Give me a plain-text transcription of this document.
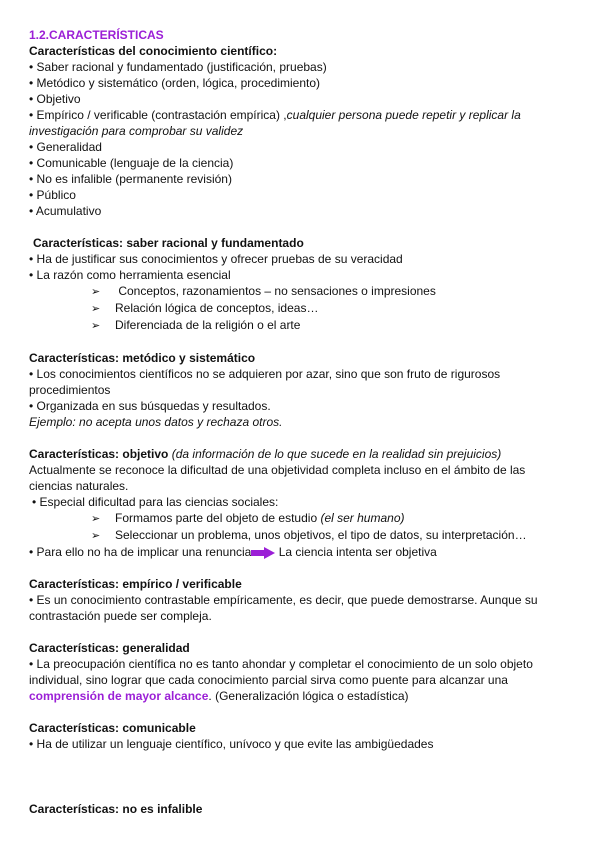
1.2.CARACTERÍSTICAS
Características del conocimiento científico:
• Saber racional y fundamentado (justificación, pruebas)
• Metódico y sistemático (orden, lógica, procedimiento)
• Objetivo
• Empírico / verificable (contrastación empírica) ,cualquier persona puede repetir y replicar la
investigación para comprobar su validez
• Generalidad
• Comunicable (lenguaje de la ciencia)
• No es infalible (permanente revisión)
• Público
• Acumulativo
Características: saber racional y fundamentado
• Ha de justificar sus conocimientos y ofrecer pruebas de su veracidad
• La razón como herramienta esencial
➢ Conceptos, razonamientos – no sensaciones o impresiones
➢ Relación lógica de conceptos, ideas…
➢ Diferenciada de la religión o el arte
Características: metódico y sistemático
• Los conocimientos científicos no se adquieren por azar, sino que son fruto de rigurosos
procedimientos
• Organizada en sus búsquedas y resultados.
Ejemplo: no acepta unos datos y rechaza otros.
Características: objetivo (da información de lo que sucede en la realidad sin prejuicios)
Actualmente se reconoce la dificultad de una objetividad completa incluso en el ámbito de las
ciencias naturales.
• Especial dificultad para las ciencias sociales:
➢ Formamos parte del objeto de estudio (el ser humano)
➢ Seleccionar un problema, unos objetivos, el tipo de datos, su interpretación…
• Para ello no ha de implicar una renuncia La ciencia intenta ser objetiva
Características: empírico / verificable
• Es un conocimiento contrastable empíricamente, es decir, que puede demostrarse. Aunque su
contrastación puede ser compleja.
Características: generalidad
• La preocupación científica no es tanto ahondar y completar el conocimiento de un solo objeto
individual, sino lograr que cada conocimiento parcial sirva como puente para alcanzar una
comprensión de mayor alcance. (Generalización lógica o estadística)
Características: comunicable
• Ha de utilizar un lenguaje científico, unívoco y que evite las ambigüedades
Características: no es infalible
